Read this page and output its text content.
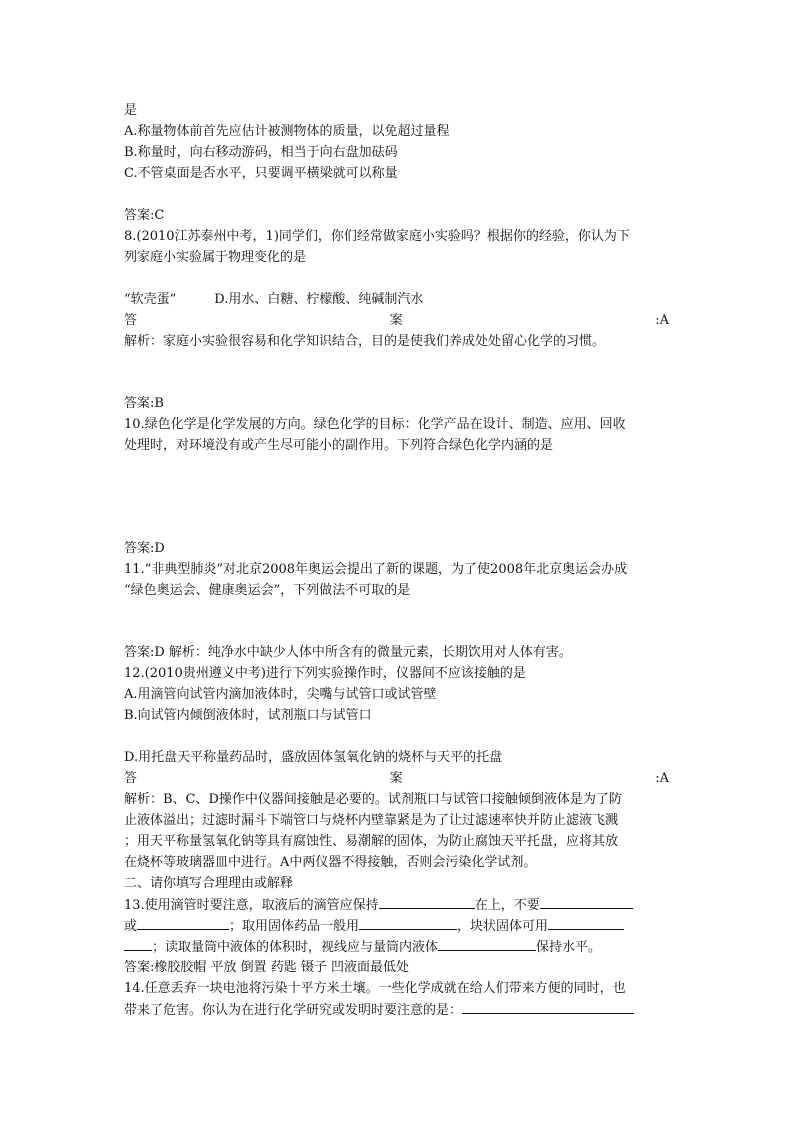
是
A.称量物体前首先应估计被测物体的质量，以免超过量程
B.称量时，向右移动游码，相当于向右盘加砝码
C.不管桌面是否水平，只要调平横梁就可以称量
答案:C
8.(2010江苏泰州中考，1)同学们，你们经常做家庭小实验吗？根据你的经验，你认为下
列家庭小实验属于物理变化的是
“软壳蛋”	D.用水、白糖、柠檬酸、纯碱制汽水
答	案	:A
解析：家庭小实验很容易和化学知识结合，目的是使我们养成处处留心化学的习惯。
答案:B
10.绿色化学是化学发展的方向。绿色化学的目标：化学产品在设计、制造、应用、回收
处理时，对环境没有或产生尽可能小的副作用。下列符合绿色化学内涵的是
答案:D
11.“非典型肺炎”对北京2008年奥运会提出了新的课题，为了使2008年北京奥运会办成
“绿色奥运会、健康奥运会”，下列做法不可取的是
答案:D 解析：纯净水中缺少人体中所含有的微量元素，长期饮用对人体有害。
12.(2010贵州遵义中考)进行下列实验操作时，仪器间不应该接触的是
A.用滴管向试管内滴加液体时，尖嘴与试管口或试管壁
B.向试管内倾倒液体时，试剂瓶口与试管口
D.用托盘天平称量药品时，盛放固体氢氧化钠的烧杯与天平的托盘
答	案	:A
解析：B、C、D操作中仪器间接触是必要的。试剂瓶口与试管口接触倾倒液体是为了防
止液体溢出；过滤时漏斗下端管口与烧杯内壁靠紧是为了让过滤速率快并防止滤液飞溅
；用天平称量氢氧化钠等具有腐蚀性、易潮解的固体，为防止腐蚀天平托盘，应将其放
在烧杯等玻璃器皿中进行。A中两仪器不得接触，否则会污染化学试剂。
二、请你填写合理理由或解释
13.使用滴管时要注意，取液后的滴管应保持	在上，不要
或	；取用固体药品一般用	，块状固体可用
；读取量筒中液体的体积时，视线应与量筒内液体	保持水平。
答案:橡胶胶帽 平放 倒置 药匙 镊子 凹液面最低处
14.任意丢弃一块电池将污染十平方米土壤。一些化学成就在给人们带来方便的同时，也
带来了危害。你认为在进行化学研究或发明时要注意的是：
